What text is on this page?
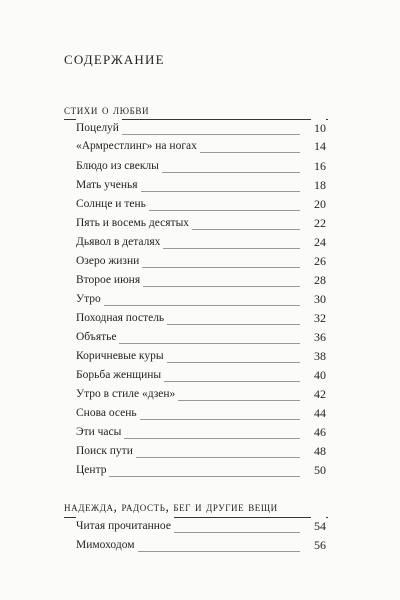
содержание
стихи о любви
Поцелуй	10
«Армрестлинг» на ногах	14
Блюдо из свеклы	16
Мать ученья	18
Солнце и тень	20
Пять и восемь десятых	22
Дьявол в деталях	24
Озеро жизни	26
Второе июня	28
Утро	30
Походная постель	32
Объятье	36
Коричневые куры	38
Борьба женщины	40
Утро в стиле «дзен»	42
Снова осень	44
Эти часы	46
Поиск пути	48
Центр	50
надежда, радость, бег и другие вещи
Читая прочитанное	54
Мимоходом	56
